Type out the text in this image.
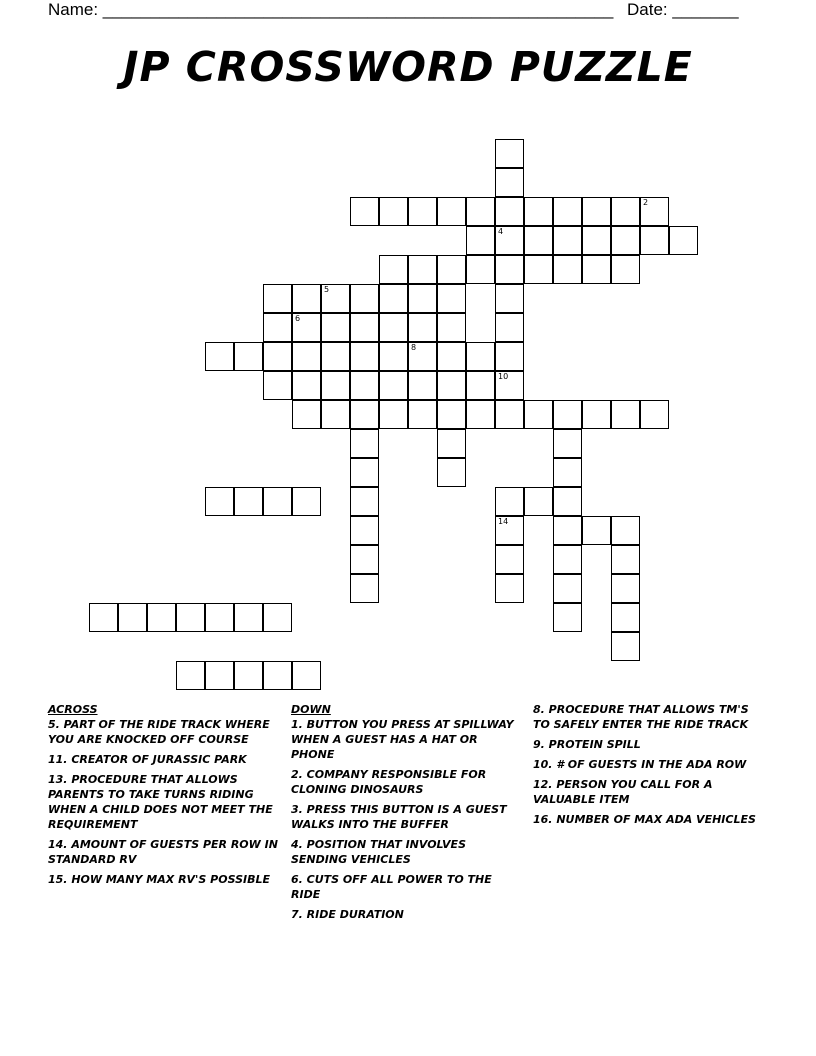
Name: ______________________________________________________ Date: _______
JP CROSSWORD PUZZLE
8
6
10
5
2
4
14
ACROSS
5. PART OF THE RIDE TRACK WHERE YOU ARE KNOCKED OFF COURSE
11. CREATOR OF JURASSIC PARK
13. PROCEDURE THAT ALLOWS PARENTS TO TAKE TURNS RIDING WHEN A CHILD DOES NOT MEET THE REQUIREMENT
14. AMOUNT OF GUESTS PER ROW IN STANDARD RV
15. HOW MANY MAX RV'S POSSIBLE
DOWN
1. BUTTON YOU PRESS AT SPILLWAY WHEN A GUEST HAS A HAT OR PHONE
2. COMPANY RESPONSIBLE FOR CLONING DINOSAURS
3. PRESS THIS BUTTON IS A GUEST WALKS INTO THE BUFFER
4. POSITION THAT INVOLVES SENDING VEHICLES
6. CUTS OFF ALL POWER TO THE RIDE
7. RIDE DURATION
8. PROCEDURE THAT ALLOWS TM'S TO SAFELY ENTER THE RIDE TRACK
9. PROTEIN SPILL
10. # OF GUESTS IN THE ADA ROW
12. PERSON YOU CALL FOR A VALUABLE ITEM
16. NUMBER OF MAX ADA VEHICLES
